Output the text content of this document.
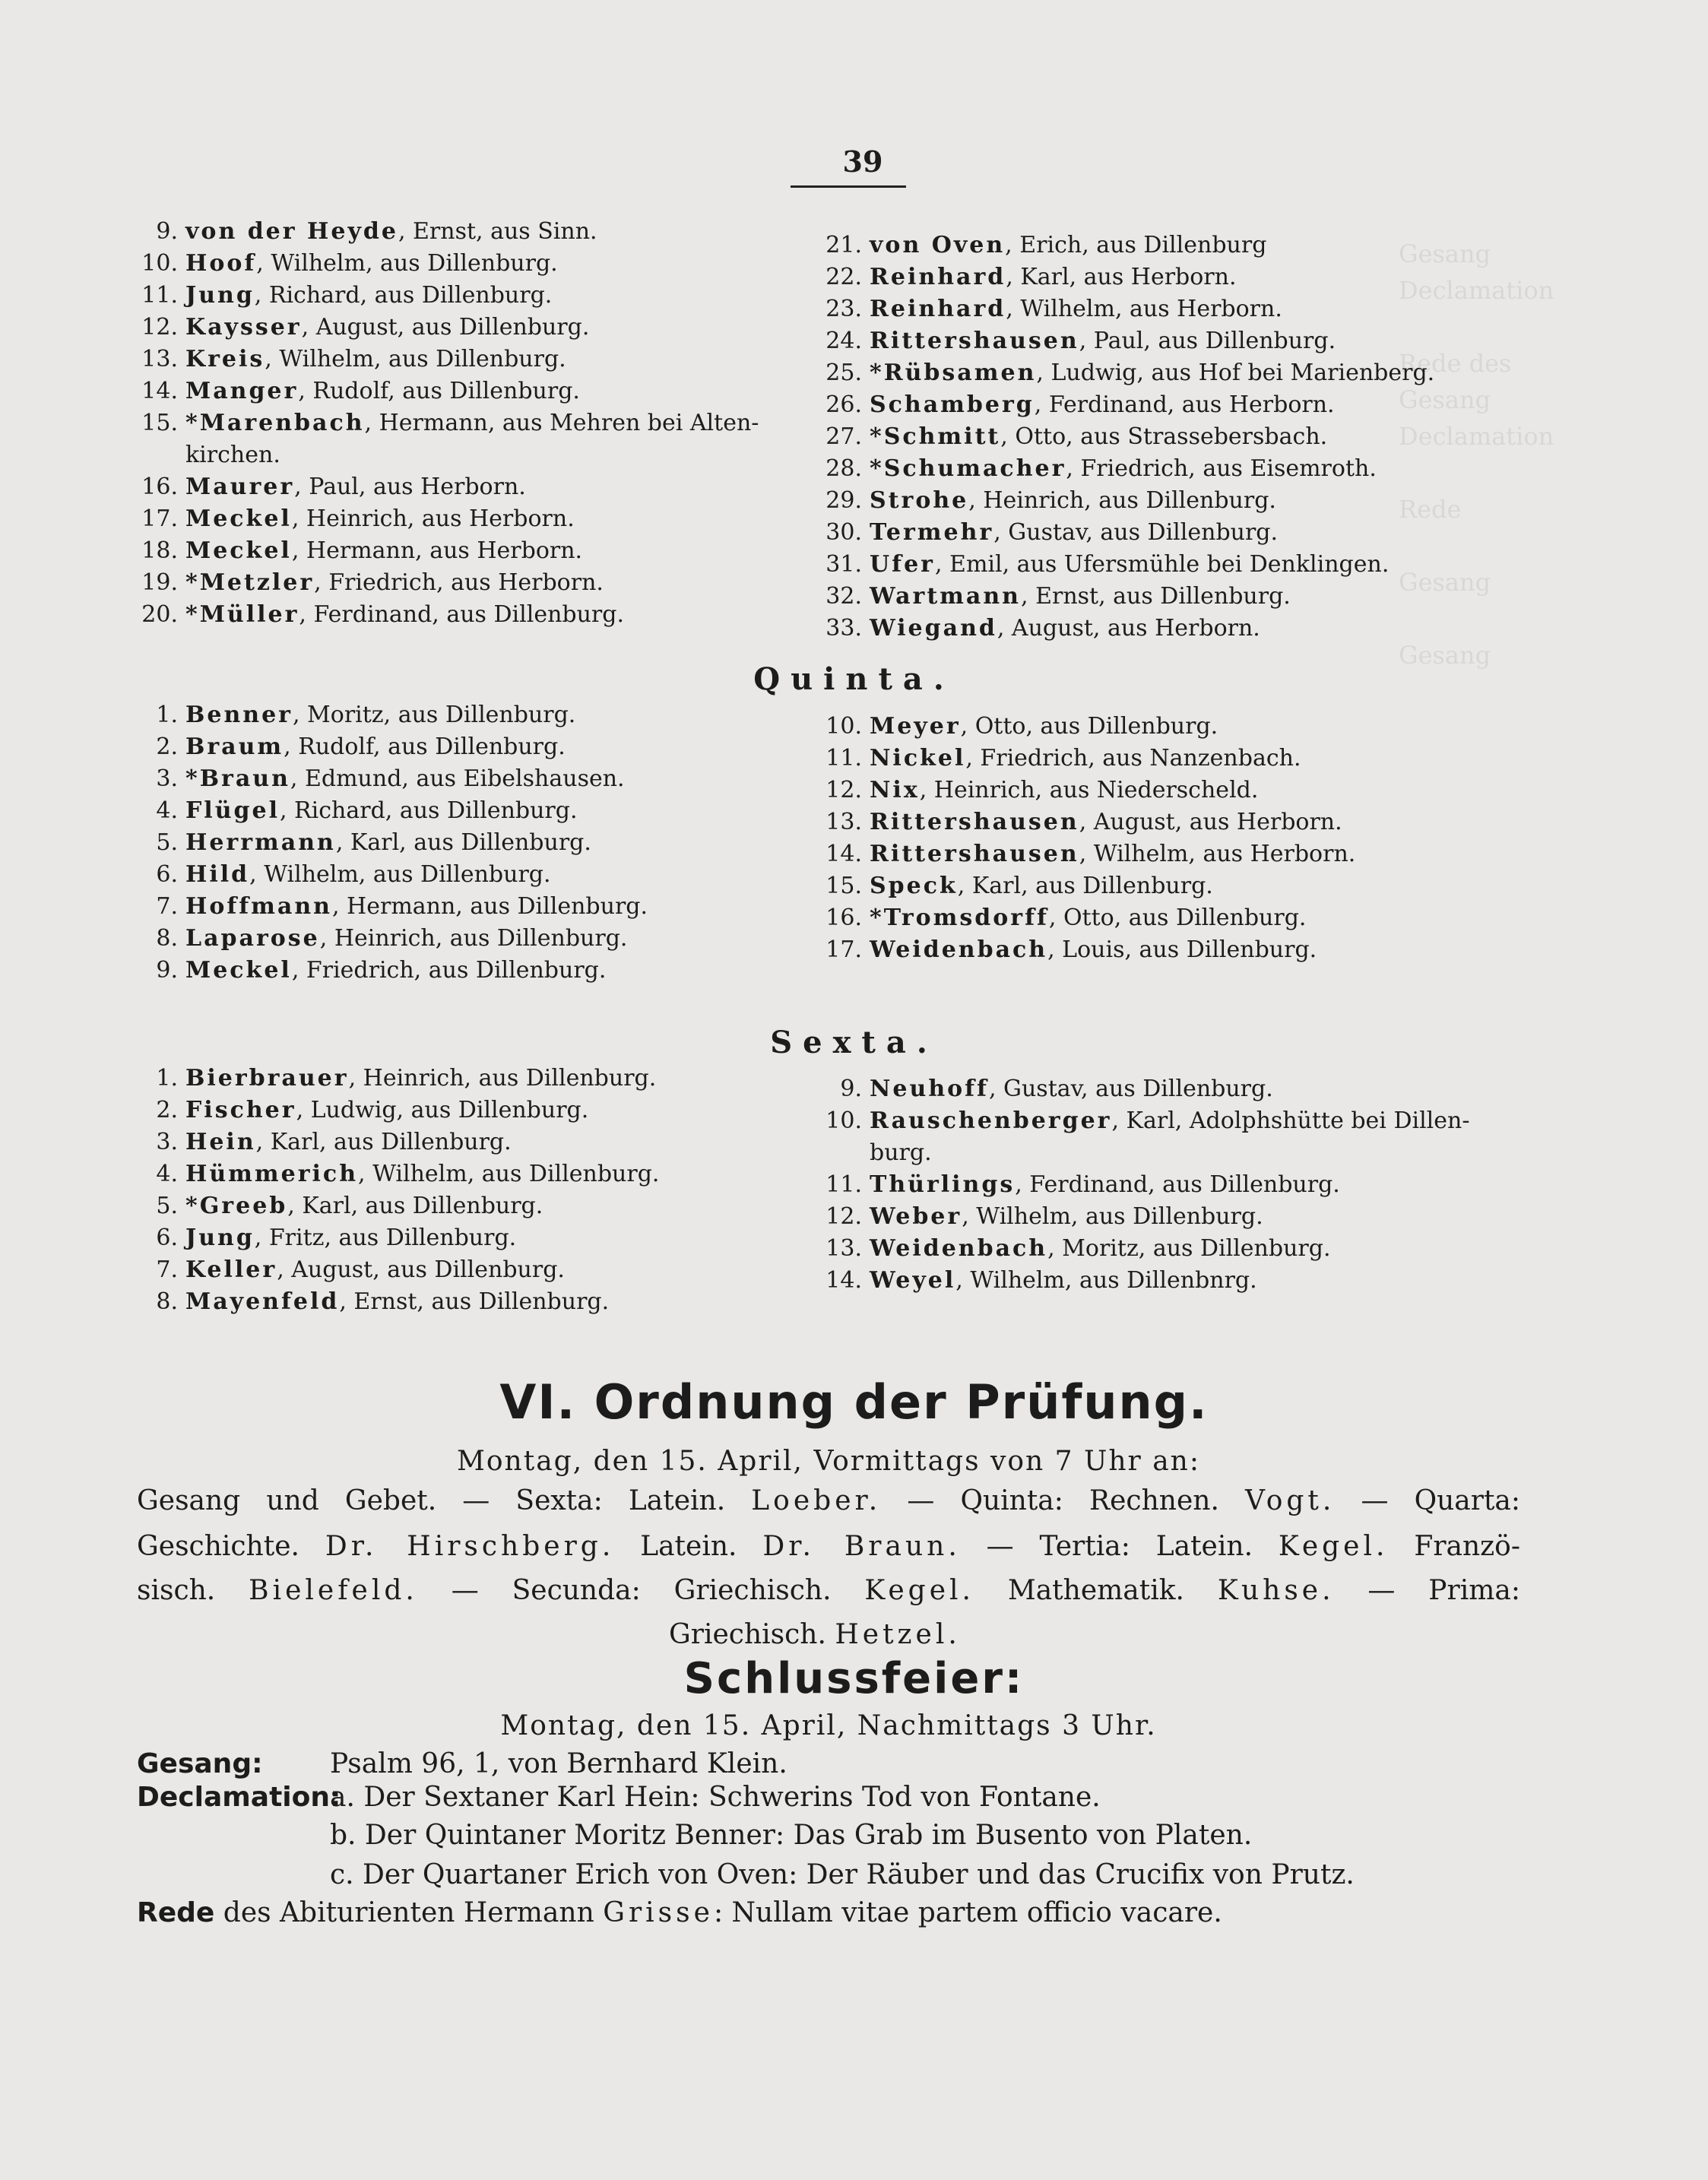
Gesang
Declamation

Rede des
Gesang
Declamation

Rede

Gesang

Gesang
39
9. von der Heyde, Ernst, aus Sinn.
10. Hoof, Wilhelm, aus Dillenburg.
11. Jung, Richard, aus Dillenburg.
12. Kaysser, August, aus Dillenburg.
13. Kreis, Wilhelm, aus Dillenburg.
14. Manger, Rudolf, aus Dillenburg.
15. *Marenbach, Hermann, aus Mehren bei Alten-
kirchen.
16. Maurer, Paul, aus Herborn.
17. Meckel, Heinrich, aus Herborn.
18. Meckel, Hermann, aus Herborn.
19. *Metzler, Friedrich, aus Herborn.
20. *Müller, Ferdinand, aus Dillenburg.
21. von Oven, Erich, aus Dillenburg
22. Reinhard, Karl, aus Herborn.
23. Reinhard, Wilhelm, aus Herborn.
24. Rittershausen, Paul, aus Dillenburg.
25. *Rübsamen, Ludwig, aus Hof bei Marienberg.
26. Schamberg, Ferdinand, aus Herborn.
27. *Schmitt, Otto, aus Strassebersbach.
28. *Schumacher, Friedrich, aus Eisemroth.
29. Strohe, Heinrich, aus Dillenburg.
30. Termehr, Gustav, aus Dillenburg.
31. Ufer, Emil, aus Ufersmühle bei Denklingen.
32. Wartmann, Ernst, aus Dillenburg.
33. Wiegand, August, aus Herborn.
Quinta.
1. Benner, Moritz, aus Dillenburg.
2. Braum, Rudolf, aus Dillenburg.
3. *Braun, Edmund, aus Eibelshausen.
4. Flügel, Richard, aus Dillenburg.
5. Herrmann, Karl, aus Dillenburg.
6. Hild, Wilhelm, aus Dillenburg.
7. Hoffmann, Hermann, aus Dillenburg.
8. Laparose, Heinrich, aus Dillenburg.
9. Meckel, Friedrich, aus Dillenburg.
10. Meyer, Otto, aus Dillenburg.
11. Nickel, Friedrich, aus Nanzenbach.
12. Nix, Heinrich, aus Niederscheld.
13. Rittershausen, August, aus Herborn.
14. Rittershausen, Wilhelm, aus Herborn.
15. Speck, Karl, aus Dillenburg.
16. *Tromsdorff, Otto, aus Dillenburg.
17. Weidenbach, Louis, aus Dillenburg.
Sexta.
1. Bierbrauer, Heinrich, aus Dillenburg.
2. Fischer, Ludwig, aus Dillenburg.
3. Hein, Karl, aus Dillenburg.
4. Hümmerich, Wilhelm, aus Dillenburg.
5. *Greeb, Karl, aus Dillenburg.
6. Jung, Fritz, aus Dillenburg.
7. Keller, August, aus Dillenburg.
8. Mayenfeld, Ernst, aus Dillenburg.
9. Neuhoff, Gustav, aus Dillenburg.
10. Rauschenberger, Karl, Adolphshütte bei Dillen-
burg.
11. Thürlings, Ferdinand, aus Dillenburg.
12. Weber, Wilhelm, aus Dillenburg.
13. Weidenbach, Moritz, aus Dillenburg.
14. Weyel, Wilhelm, aus Dillenbnrg.
VI. Ordnung der Prüfung.
Montag, den 15. April, Vormittags von 7 Uhr an:
Gesang und Gebet. — Sexta: Latein. Loeber. — Quinta: Rechnen. Vogt. — Quarta:
Geschichte. Dr. Hirschberg. Latein. Dr. Braun. — Tertia: Latein. Kegel. Franzö-
sisch. Bielefeld. — Secunda: Griechisch. Kegel. Mathematik. Kuhse. — Prima:
Griechisch. Hetzel.
Schlussfeier:
Montag, den 15. April, Nachmittags 3 Uhr.
Gesang: Psalm 96, 1, von Bernhard Klein.
Declamation:a. Der Sextaner Karl Hein: Schwerins Tod von Fontane.
b. Der Quintaner Moritz Benner: Das Grab im Busento von Platen.
c. Der Quartaner Erich von Oven: Der Räuber und das Crucifix von Prutz.
Rede des Abiturienten Hermann Grisse: Nullam vitae partem officio vacare.
